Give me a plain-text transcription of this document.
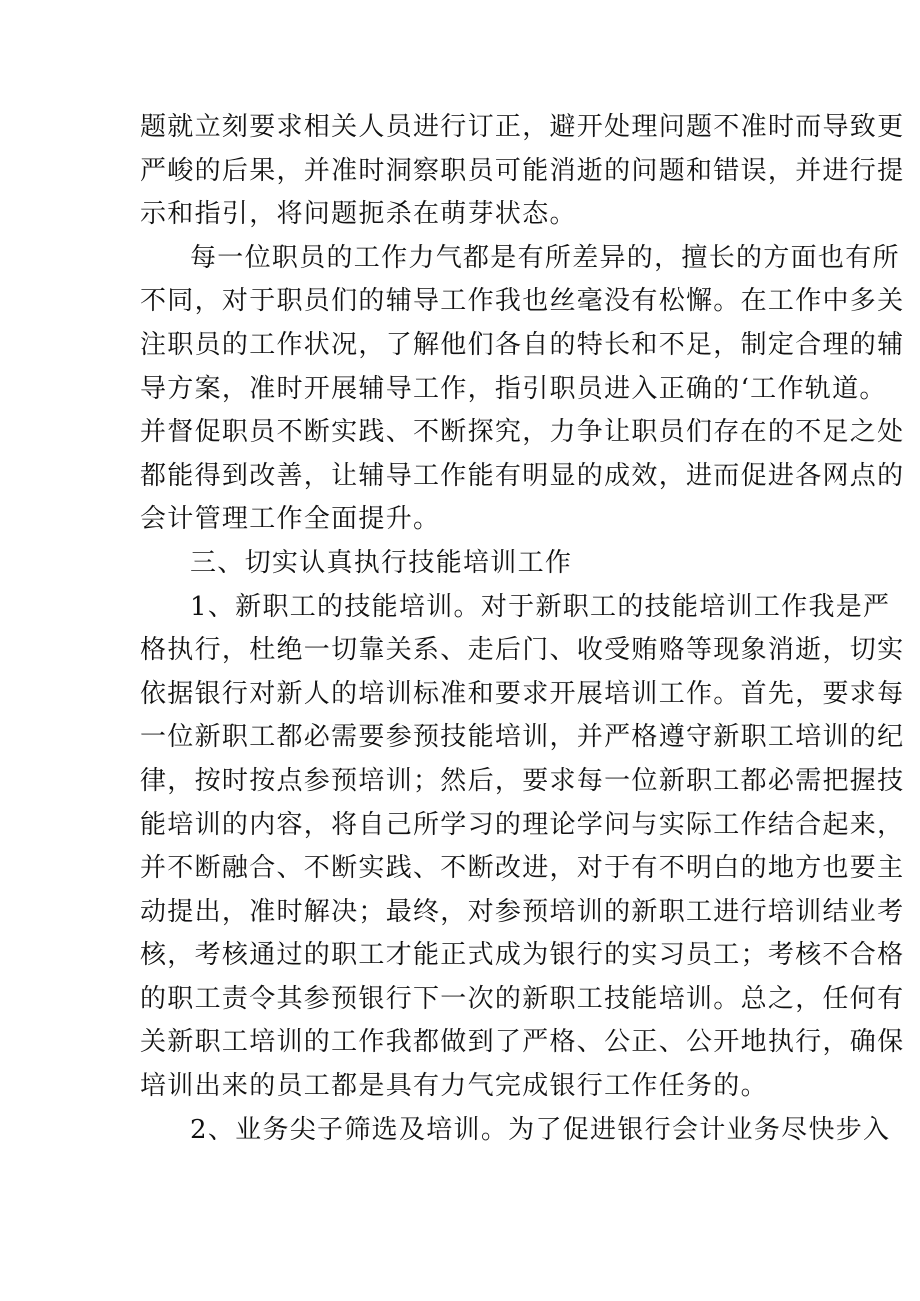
题就立刻要求相关人员进行订正，避开处理问题不准时而导致更
严峻的后果，并准时洞察职员可能消逝的问题和错误，并进行提
示和指引，将问题扼杀在萌芽状态。
每一位职员的工作力气都是有所差异的，擅长的方面也有所
不同，对于职员们的辅导工作我也丝毫没有松懈。在工作中多关
注职员的工作状况，了解他们各自的特长和不足，制定合理的辅
导方案，准时开展辅导工作，指引职员进入正确的‘工作轨道。
并督促职员不断实践、不断探究，力争让职员们存在的不足之处
都能得到改善，让辅导工作能有明显的成效，进而促进各网点的
会计管理工作全面提升。
三、切实认真执行技能培训工作
1、新职工的技能培训。对于新职工的技能培训工作我是严
格执行，杜绝一切靠关系、走后门、收受贿赂等现象消逝，切实
依据银行对新人的培训标准和要求开展培训工作。首先，要求每
一位新职工都必需要参预技能培训，并严格遵守新职工培训的纪
律，按时按点参预培训；然后，要求每一位新职工都必需把握技
能培训的内容，将自己所学习的理论学问与实际工作结合起来，
并不断融合、不断实践、不断改进，对于有不明白的地方也要主
动提出，准时解决；最终，对参预培训的新职工进行培训结业考
核，考核通过的职工才能正式成为银行的实习员工；考核不合格
的职工责令其参预银行下一次的新职工技能培训。总之，任何有
关新职工培训的工作我都做到了严格、公正、公开地执行，确保
培训出来的员工都是具有力气完成银行工作任务的。
2、业务尖子筛选及培训。为了促进银行会计业务尽快步入
